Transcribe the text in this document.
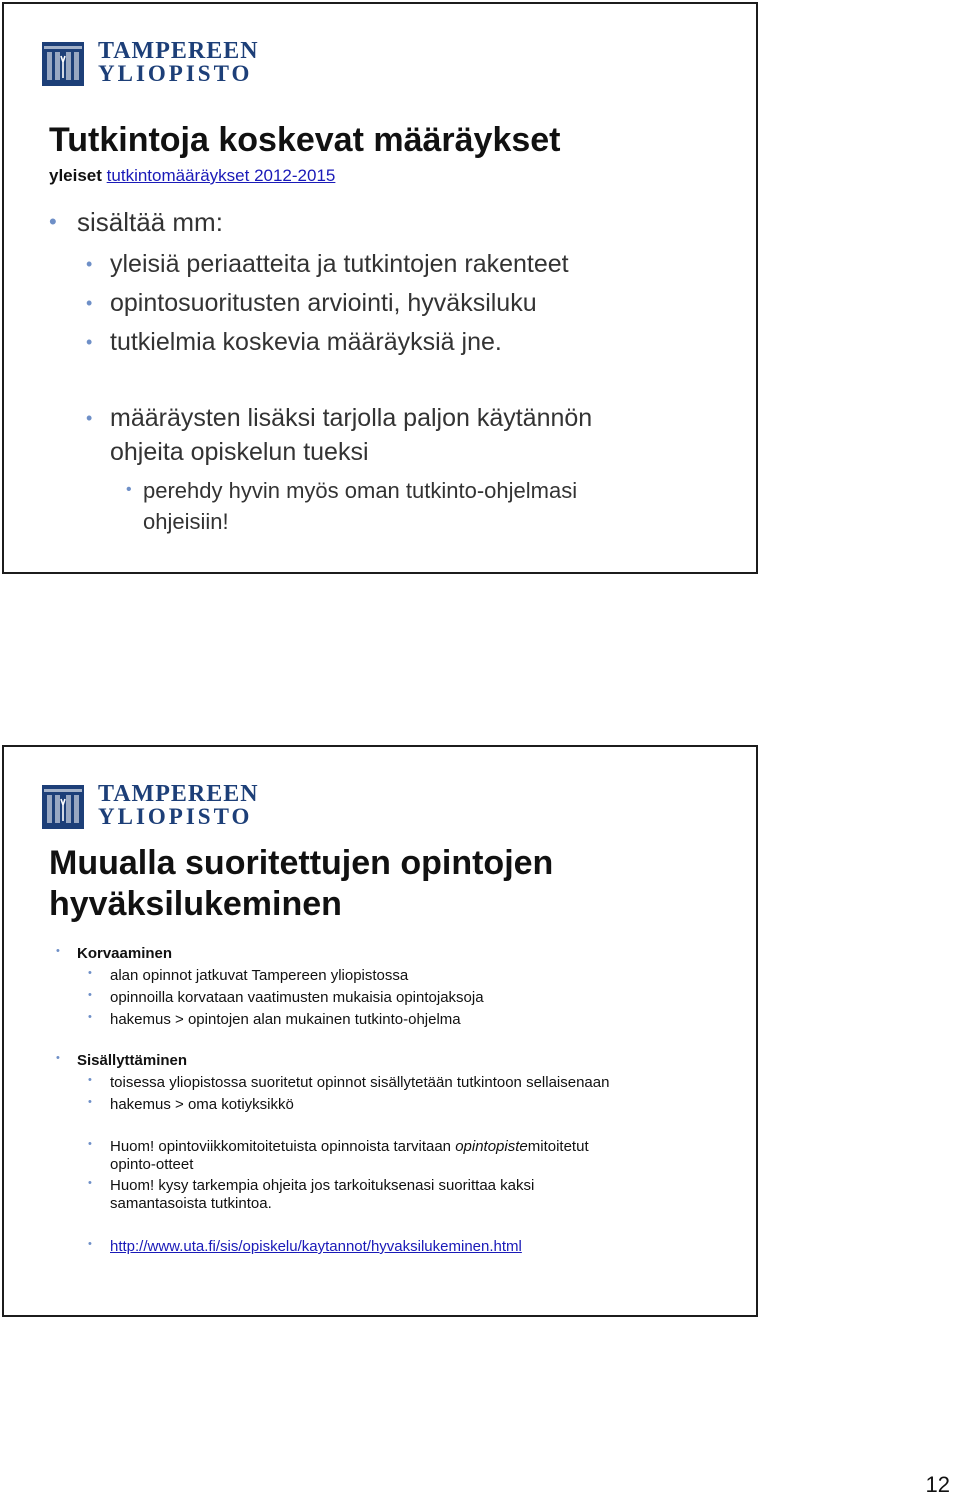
TAMPEREEN
YLIOPISTO
Tutkintoja koskevat määräykset
yleiset tutkintomääräykset 2012-2015
• sisältää mm:
• yleisiä periaatteita ja tutkintojen rakenteet
• opintosuoritusten arviointi, hyväksiluku
• tutkielmia koskevia määräyksiä jne.
• määräysten lisäksi tarjolla paljon käytännön
ohjeita opiskelun tueksi
• perehdy hyvin myös oman tutkinto-ohjelmasi
ohjeisiin!
TAMPEREEN
YLIOPISTO
Muualla suoritettujen opintojen
hyväksilukeminen
• Korvaaminen
• alan opinnot jatkuvat Tampereen yliopistossa
• opinnoilla korvataan vaatimusten mukaisia opintojaksoja
• hakemus > opintojen alan mukainen tutkinto-ohjelma
• Sisällyttäminen
• toisessa yliopistossa suoritetut opinnot sisällytetään tutkintoon sellaisenaan
• hakemus > oma kotiyksikkö
• Huom! opintoviikkomitoitetuista opinnoista tarvitaan opintopistemitoitetut
opinto-otteet
• Huom! kysy tarkempia ohjeita jos tarkoituksenasi suorittaa kaksi
samantasoista tutkintoa.
• http://www.uta.fi/sis/opiskelu/kaytannot/hyvaksilukeminen.html
12
